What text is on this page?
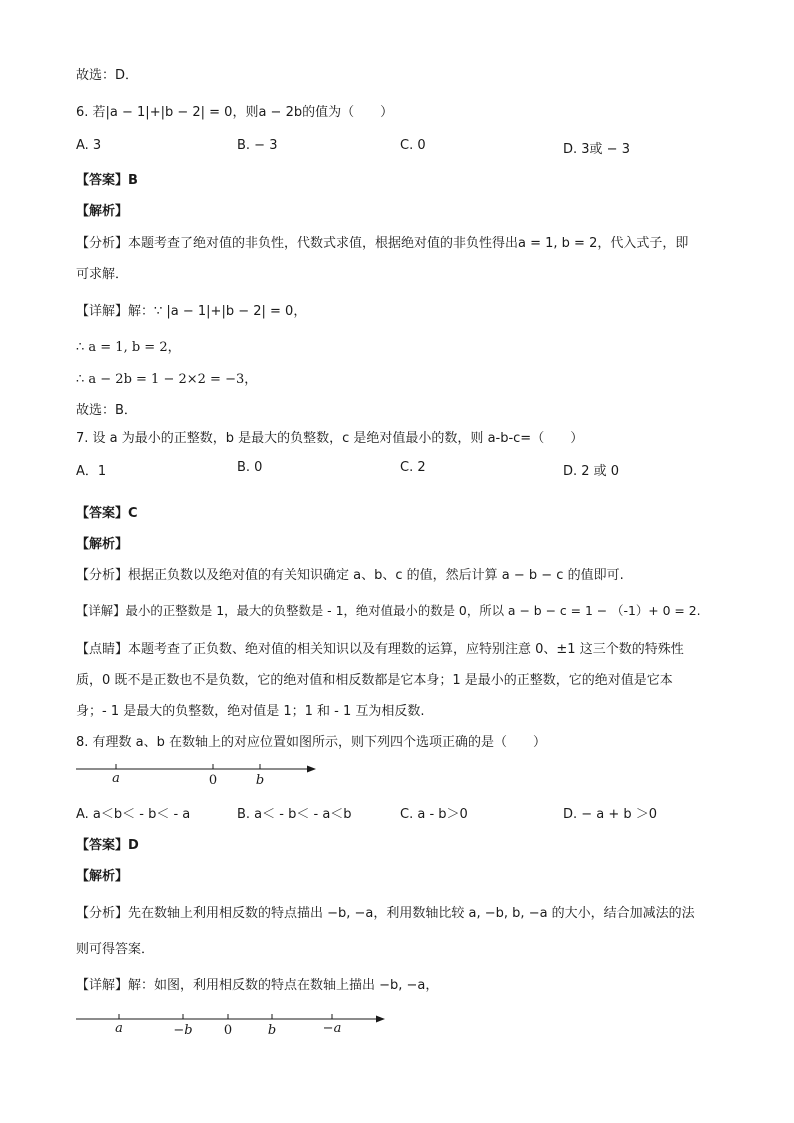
故选：D．
6. 若|a − 1|+|b − 2| = 0，则a − 2b的值为（　　）
A. 3	B. − 3	C. 0	D. 3或 − 3
【答案】B
【解析】
【分析】本题考查了绝对值的非负性，代数式求值，根据绝对值的非负性得出a = 1, b = 2，代入式子，即
可求解．
【详解】解：∵ |a − 1|+|b − 2| = 0，
∴ a = 1, b = 2，
∴ a − 2b = 1 − 2×2 = −3，
故选：B．
7. 设 a 为最小的正整数，b 是最大的负整数，c 是绝对值最小的数，则 a-b-c=（　　）
A．1	B. 0	C. 2	D. 2 或 0
【答案】C
【解析】
【分析】根据正负数以及绝对值的有关知识确定 a、b、c 的值，然后计算 a − b − c 的值即可.
【详解】最小的正整数是 1，最大的负整数是 - 1，绝对值最小的数是 0，所以 a − b − c = 1 − （-1）+ 0 = 2.
【点睛】本题考查了正负数、绝对值的相关知识以及有理数的运算，应特别注意 0、±1 这三个数的特殊性
质，0 既不是正数也不是负数，它的绝对值和相反数都是它本身；1 是最小的正整数，它的绝对值是它本
身；- 1 是最大的负整数，绝对值是 1；1 和 - 1 互为相反数.
8. 有理数 a、b 在数轴上的对应位置如图所示，则下列四个选项正确的是（　　）
a	0	b
A. a＜b＜ - b＜ - a	B. a＜ - b＜ - a＜b	C. a - b＞0	D. − a + b ＞0
【答案】D
【解析】
【分析】先在数轴上利用相反数的特点描出 −b, −a，利用数轴比较 a, −b, b, −a 的大小，结合加减法的法
则可得答案．
【详解】解：如图，利用相反数的特点在数轴上描出 −b, −a，
a	−b 0	b	−a
